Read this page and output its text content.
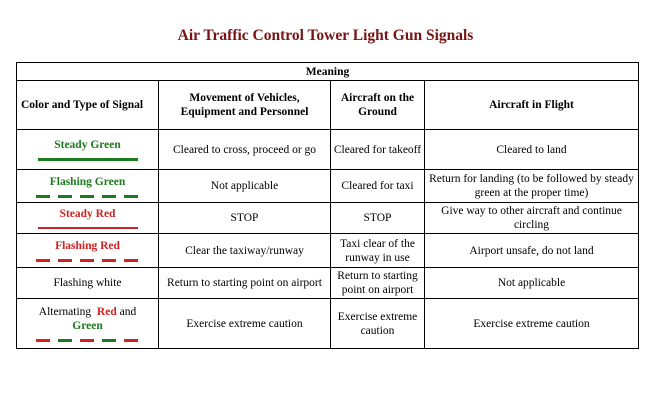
Air Traffic Control Tower Light Gun Signals
Meaning			
Color and Type of Signal	Movement of Vehicles, Equipment and Personnel	Aircraft on the Ground	Aircraft in Flight

Steady Green	Cleared to cross, proceed or go	Cleared for takeoff	Cleared to land

Flashing Green	Not applicable	Cleared for taxi	Return for landing (to be followed by steady green at the proper time)

Steady Red	STOP	STOP	Give way to other aircraft and continue circling

Flashing Red	Clear the taxiway/runway	Taxi clear of the runway in use	Airport unsafe, do not land

Flashing white	Return to starting point on airport	Return to starting point on airport	Not applicable

Alternating Red and
Green	Exercise extreme caution	Exercise extreme caution	Exercise extreme caution
